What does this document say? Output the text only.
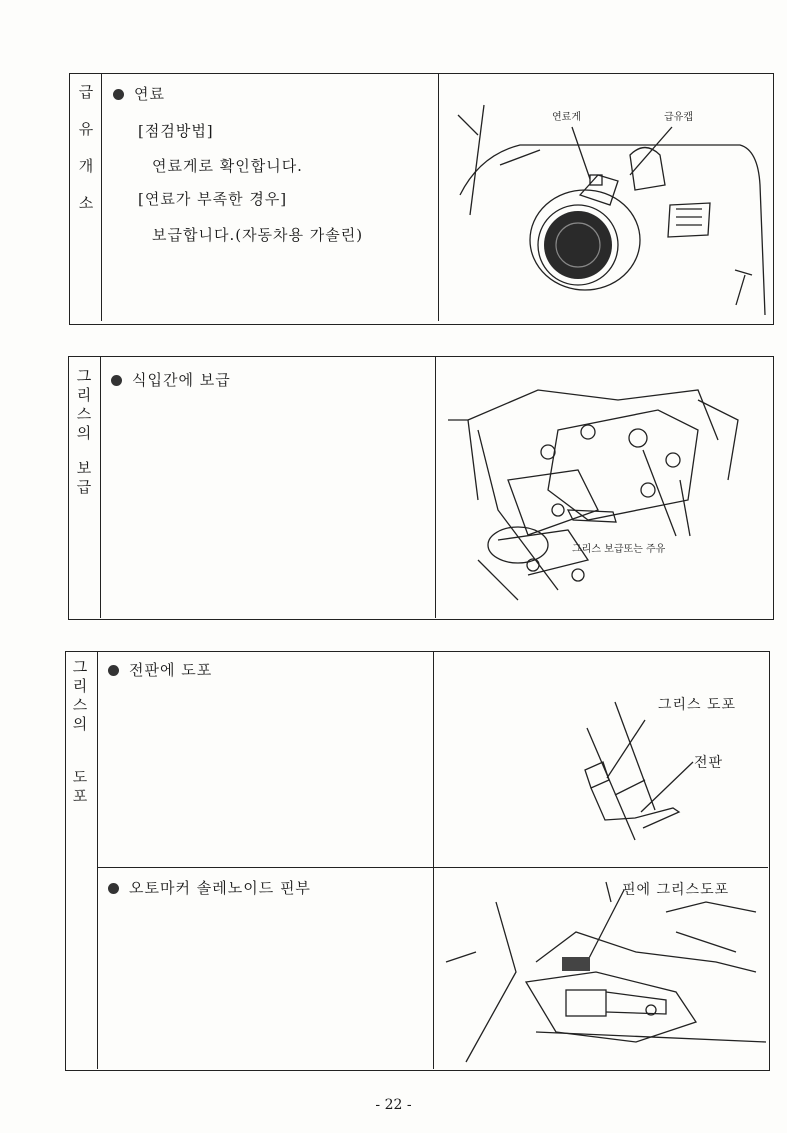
급
유
개
소
연료
[점검방법]
연료게로 확인합니다.
[연료가 부족한 경우]
보급합니다.(자동차용 가솔린)
연료게	급유캡
그
리
스
의
보
급
식입간에 보급
그리스 보급또는 주유
그
리
스
의
도
포
전판에 도포
그리스 도포
전판
오토마커 솔레노이드 핀부	핀에 그리스도포
- 22 -
